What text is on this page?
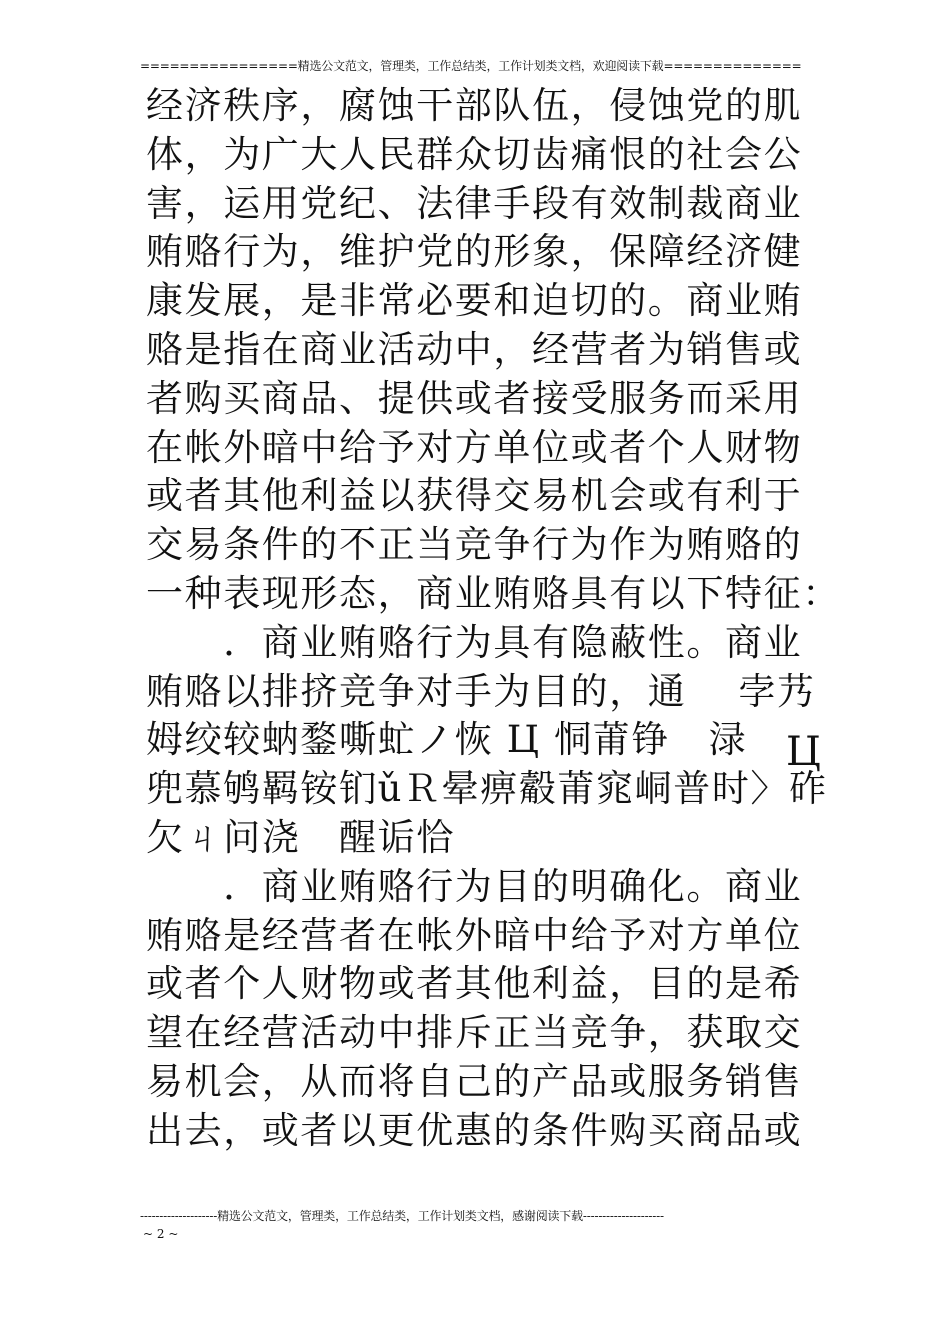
================精选公文范文，管理类，工作总结类，工作计划类文档，欢迎阅读下载==============
经济秩序，腐蚀干部队伍，侵蚀党的肌
体，为广大人民群众切齿痛恨的社会公
害，运用党纪、法律手段有效制裁商业
贿赂行为，维护党的形象，保障经济健
康发展，是非常必要和迫切的。商业贿
赂是指在商业活动中，经营者为销售或
者购买商品、提供或者接受服务而采用
在帐外暗中给予对方单位或者个人财物
或者其他利益以获得交易机会或有利于
交易条件的不正当竞争行为作为贿赂的
一种表现形态，商业贿赂具有以下特征：
　　．商业贿赂行为具有隐蔽性。商业
贿赂以排挤竞争对手为目的，通　 孛艿
姆绞较蚋鍪嘶虻ノ恢 Ц 恫莆铮　渌
兜慕鸲羁铵钔ǔＲ晕痹觳莆窕峒普时〉砟
欠ㄐ问浇　醒诟恰
Ц
　　．商业贿赂行为目的明确化。商业
贿赂是经营者在帐外暗中给予对方单位
或者个人财物或者其他利益，目的是希
望在经营活动中排斥正当竞争，获取交
易机会，从而将自己的产品或服务销售
出去，或者以更优惠的条件购买商品或
--------------------精选公文范文，管理类，工作总结类，工作计划类文档，感谢阅读下载---------------------
~ 2 ~
